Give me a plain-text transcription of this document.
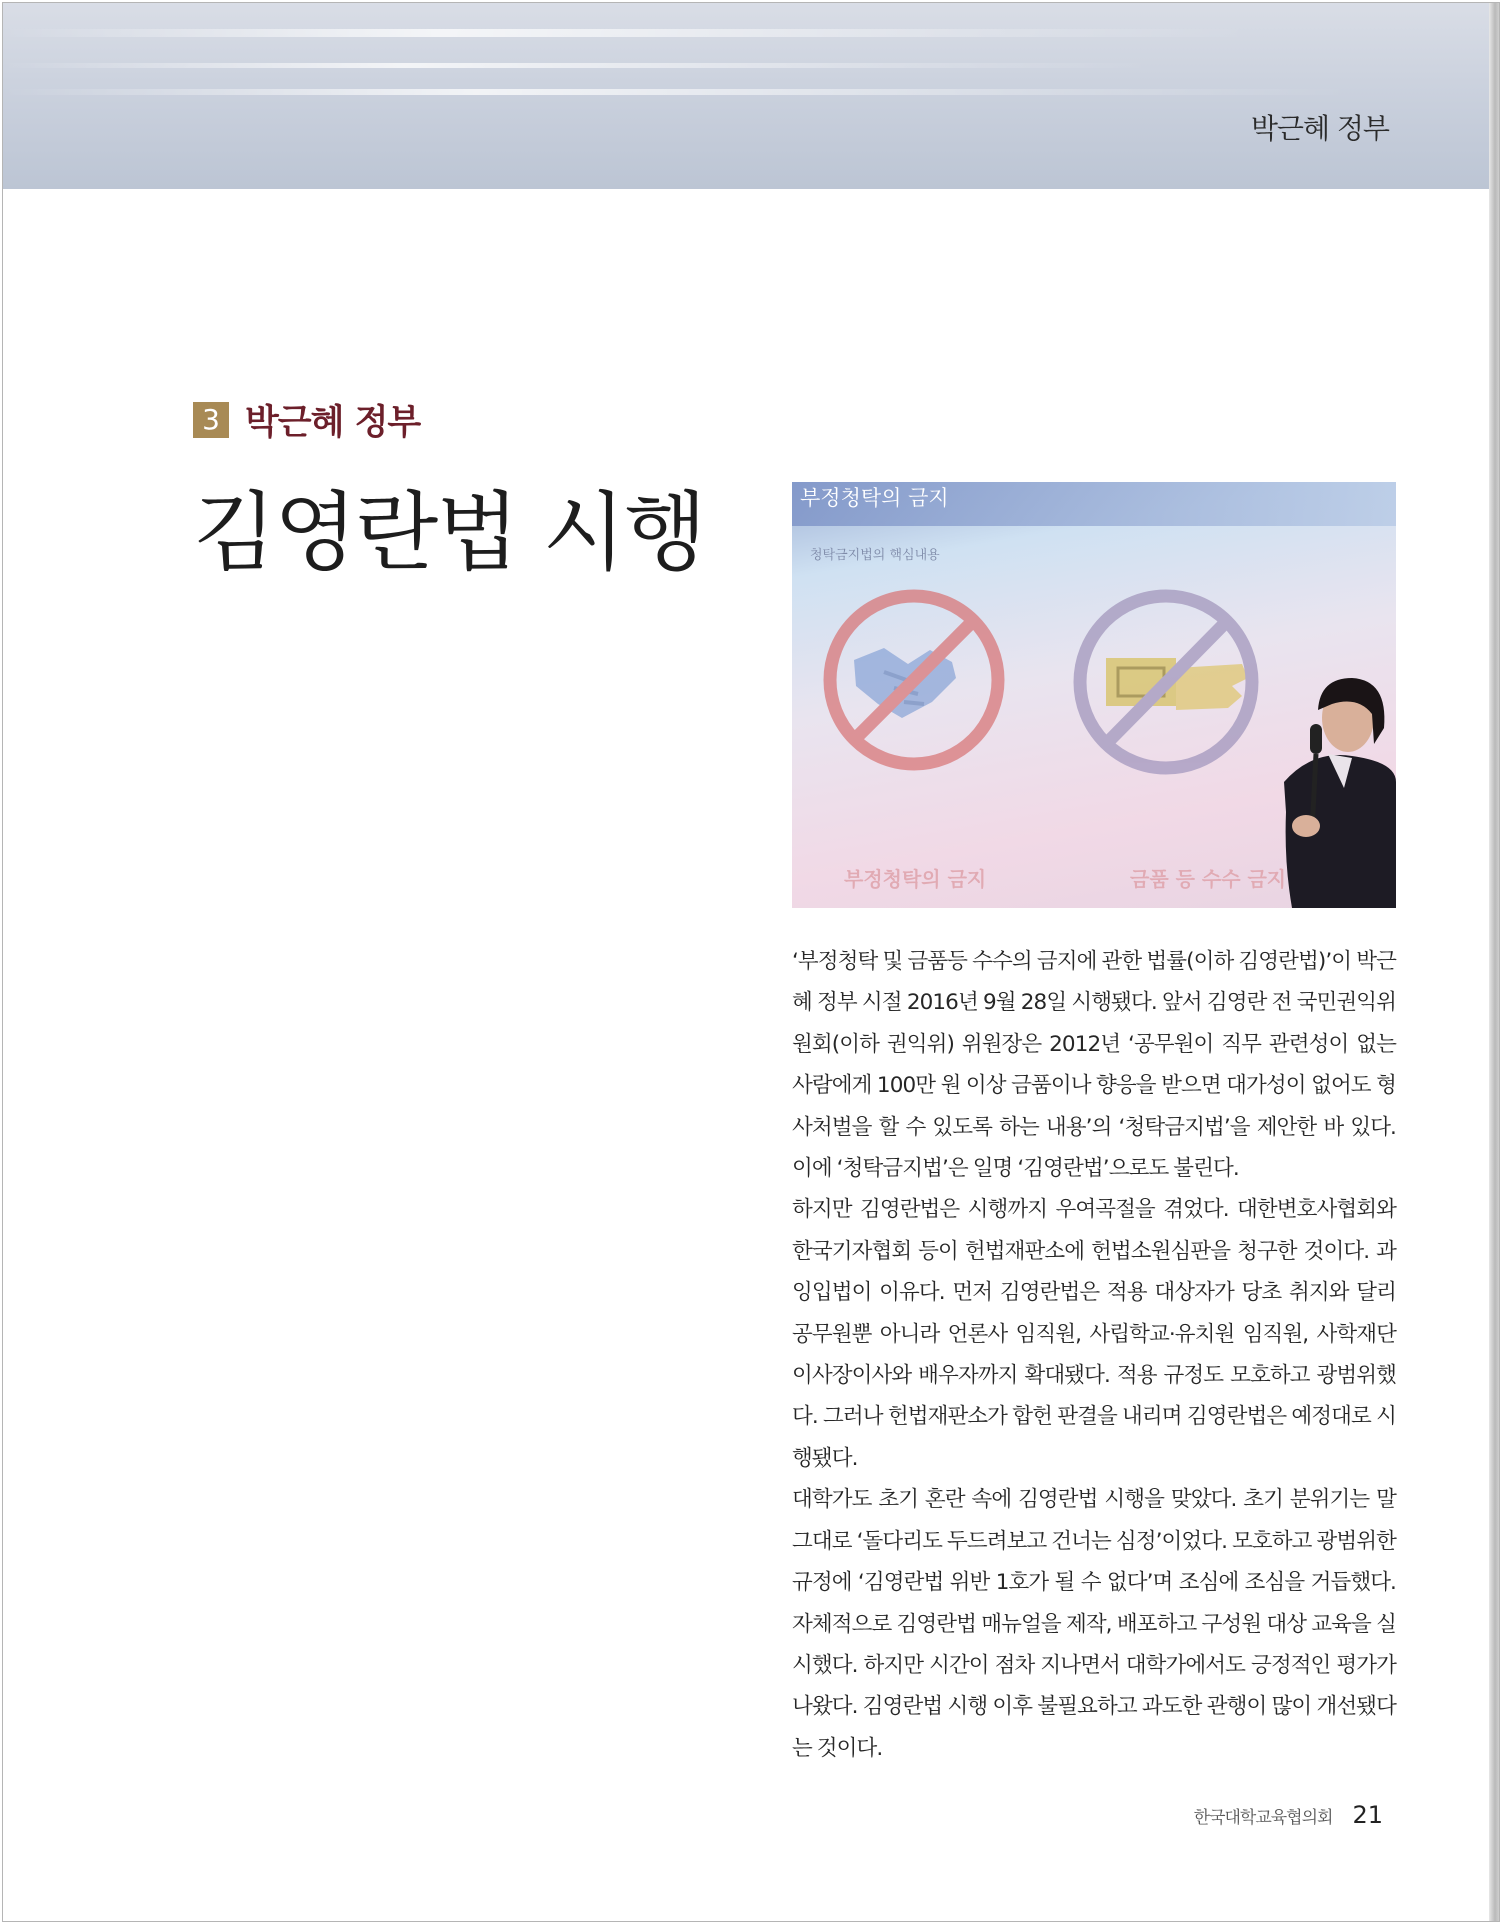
박근혜 정부
3 박근혜 정부
김영란법 시행	부정청탁의 금지
청탁금지법의 핵심내용
부정청탁의 금지	금품 등 수수 금지

‘부정청탁 및 금품등 수수의 금지에 관한 법률(이하 김영란법)’이 박근혜 정부 시절 2016년 9월 28일 시행됐다. 앞서 김영란 전 국민권익위원회(이하 권익위) 위원장은 2012년 ‘공무원이 직무 관련성이 없는 사람에게 100만 원 이상 금품이나 향응을 받으면 대가성이 없어도 형사처벌을 할 수 있도록 하는 내용’의 ‘청탁금지법’을 제안한 바 있다. 이에 ‘청탁금지법’은 일명 ‘김영란법’으로도 불린다.

하지만 김영란법은 시행까지 우여곡절을 겪었다. 대한변호사협회와 한국기자협회 등이 헌법재판소에 헌법소원심판을 청구한 것이다. 과잉입법이 이유다. 먼저 김영란법은 적용 대상자가 당초 취지와 달리 공무원뿐 아니라 언론사 임직원, 사립학교·유치원 임직원, 사학재단 이사장이사와 배우자까지 확대됐다. 적용 규정도 모호하고 광범위했다. 그러나 헌법재판소가 합헌 판결을 내리며 김영란법은 예정대로 시행됐다.

대학가도 초기 혼란 속에 김영란법 시행을 맞았다. 초기 분위기는 말 그대로 ‘돌다리도 두드려보고 건너는 심정’이었다. 모호하고 광범위한 규정에 ‘김영란법 위반 1호가 될 수 없다’며 조심에 조심을 거듭했다. 자체적으로 김영란법 매뉴얼을 제작, 배포하고 구성원 대상 교육을 실시했다. 하지만 시간이 점차 지나면서 대학가에서도 긍정적인 평가가 나왔다. 김영란법 시행 이후 불필요하고 과도한 관행이 많이 개선됐다는 것이다.

한국대학교육협의회 21
